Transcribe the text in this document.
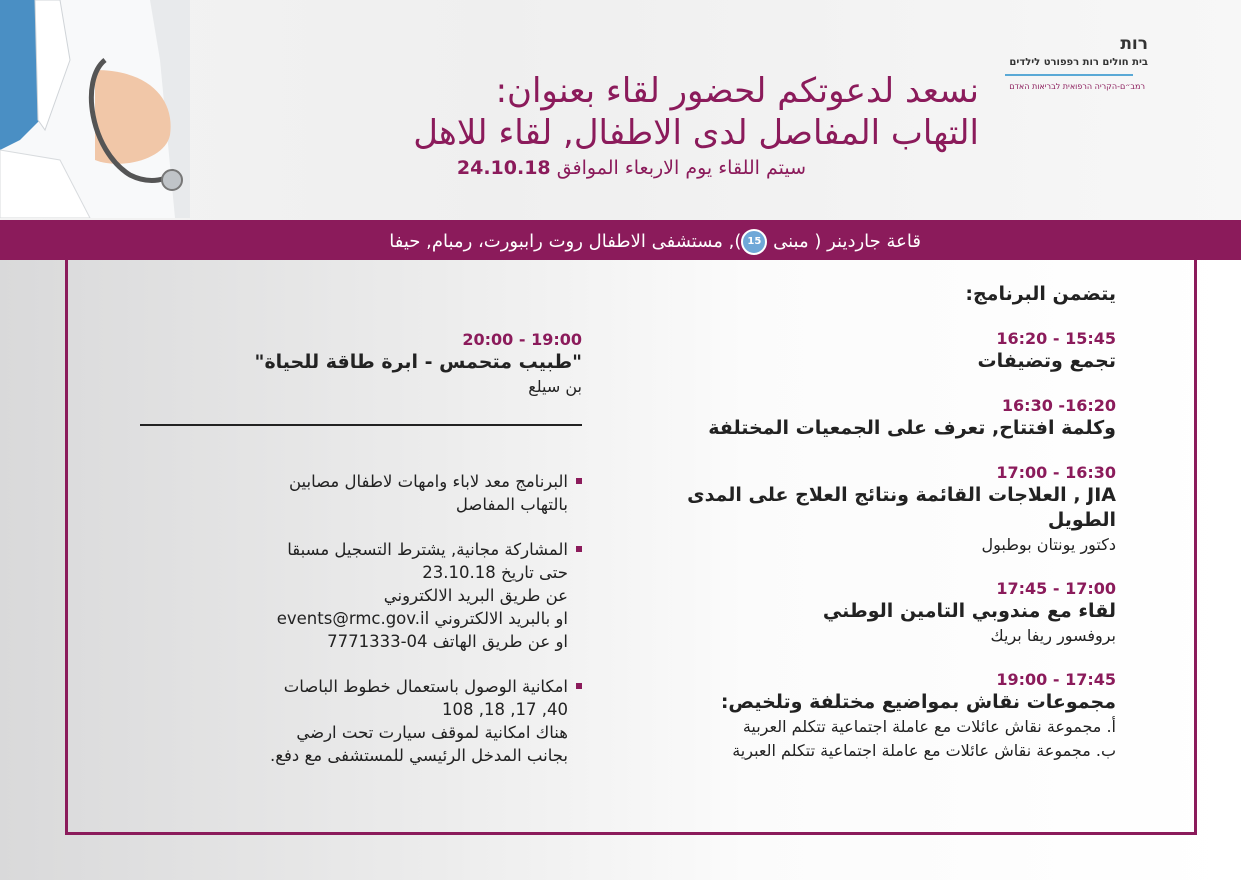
רות
בית חולים רות רפפורט לילדים
רמב״ם-הקריה הרפואית לבריאות האדם
نسعد لدعوتكم لحضور لقاء بعنوان:
التهاب المفاصل لدى الاطفال, لقاء للاهل
سيتم اللقاء يوم الاربعاء الموافق 24.10.18
قاعة جاردينر ( مبنى 15), مستشفى الاطفال روت راببورت، رمبام, حيفا
يتضمن البرنامج:
15:45 - 16:20
تجمع وتضيفات
16:20- 16:30
وكلمة افتتاح, تعرف على الجمعيات المختلفة
16:30 - 17:00
JIA , العلاجات القائمة ونتائج العلاج على المدى الطويل
دكتور يونتان بوطبول
17:00 - 17:45
لقاء مع مندوبي التامين الوطني
بروفسور ريفا بريك
17:45 - 19:00
مجموعات نقاش بمواضيع مختلفة وتلخيص:
أ. مجموعة نقاش عائلات مع عاملة اجتماعية تتكلم العربية
ب. مجموعة نقاش عائلات مع عاملة اجتماعية تتكلم العبرية
19:00 - 20:00
"طبيب متحمس - ابرة طاقة للحياة"
بن سيلع
البرنامج معد لاباء وامهات لاطفال مصابين
بالتهاب المفاصل
المشاركة مجانية, يشترط التسجيل مسبقا
حتى تاريخ 23.10.18
عن طريق البريد الالكتروني
او بالبريد الالكتروني events@rmc.gov.il
او عن طريق الهاتف 04-7771333
امكانية الوصول باستعمال خطوط الباصات
40, 17, 18, 108
هناك امكانية لموقف سيارت تحت ارضي
بجانب المدخل الرئيسي للمستشفى مع دفع.
